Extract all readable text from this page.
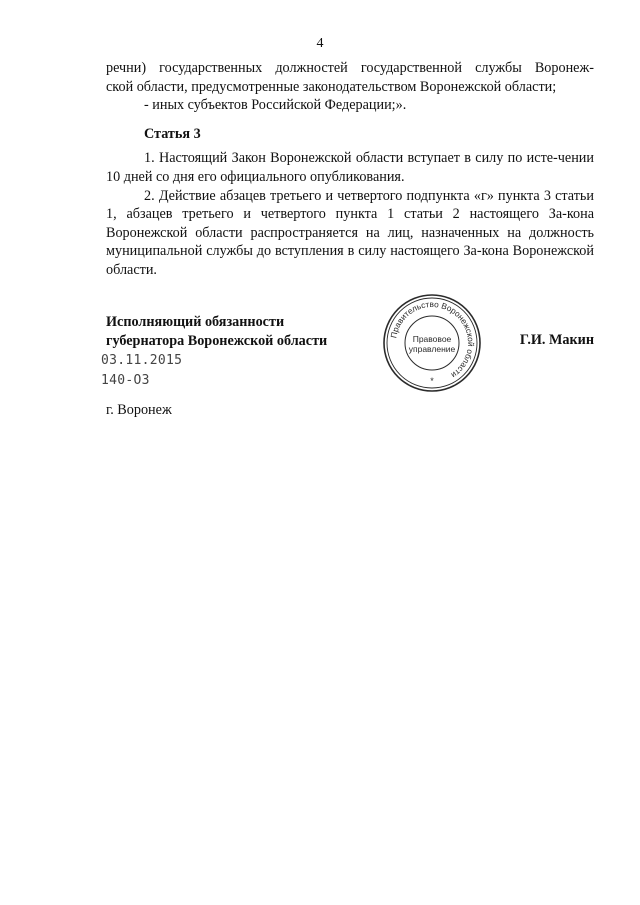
4

речни) государственных должностей государственной службы Воронеж-

ской области, предусмотренные законодательством Воронежской области;

- иных субъектов Российской Федерации;».

Статья 3

1. Настоящий Закон Воронежской области вступает в силу по исте-чении 10 дней со дня его официального опубликования.

2. Действие абзацев третьего и четвертого подпункта «г» пункта 3 статьи 1, абзацев третьего и четвертого пункта 1 статьи 2 настоящего За-кона Воронежской области распространяется на лиц, назначенных на должность муниципальной службы до вступления в силу настоящего За-кона Воронежской области.

Исполняющий обязанности
губернатора Воронежской области	Правительство Воронежской области
Правовое
управление
*
Г.И. Макин
03.11.2015
140-ОЗ
г. Воронеж
